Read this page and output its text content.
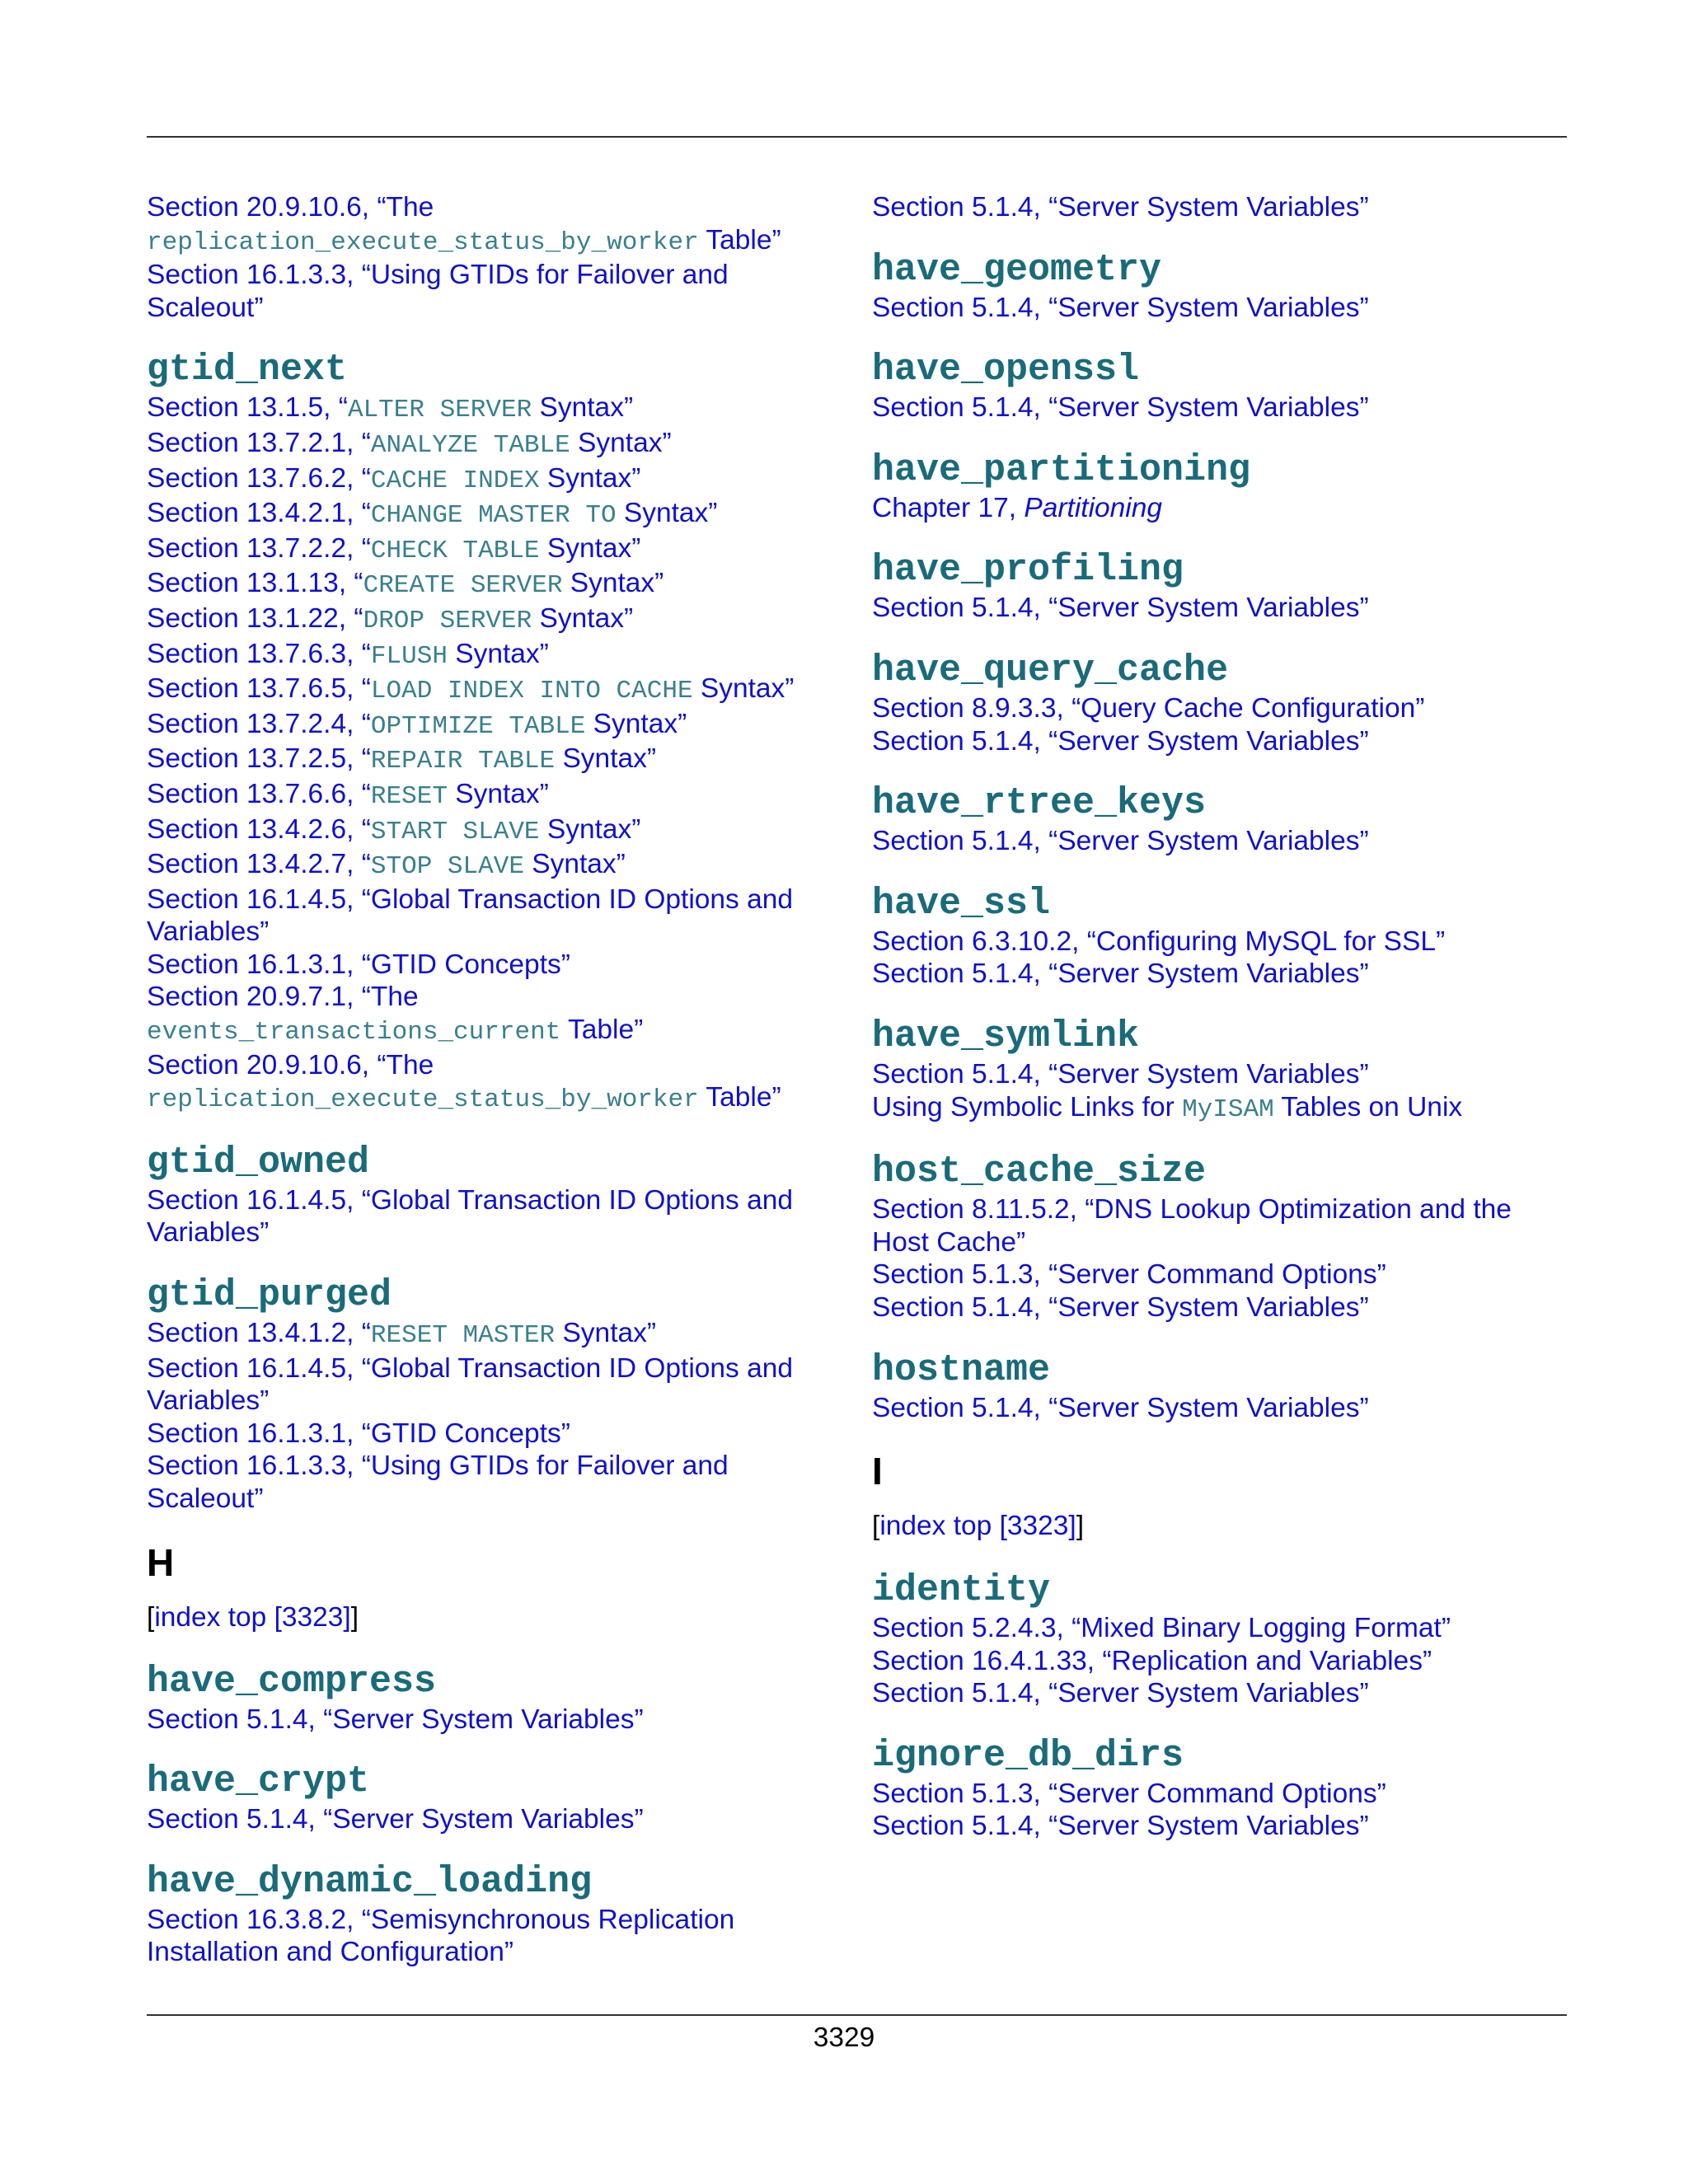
Section 20.9.10.6, “The
replication_execute_status_by_worker Table”
Section 16.1.3.3, “Using GTIDs for Failover and
Scaleout”
gtid_next
Section 13.1.5, “ALTER SERVER Syntax”
Section 13.7.2.1, “ANALYZE TABLE Syntax”
Section 13.7.6.2, “CACHE INDEX Syntax”
Section 13.4.2.1, “CHANGE MASTER TO Syntax”
Section 13.7.2.2, “CHECK TABLE Syntax”
Section 13.1.13, “CREATE SERVER Syntax”
Section 13.1.22, “DROP SERVER Syntax”
Section 13.7.6.3, “FLUSH Syntax”
Section 13.7.6.5, “LOAD INDEX INTO CACHE Syntax”
Section 13.7.2.4, “OPTIMIZE TABLE Syntax”
Section 13.7.2.5, “REPAIR TABLE Syntax”
Section 13.7.6.6, “RESET Syntax”
Section 13.4.2.6, “START SLAVE Syntax”
Section 13.4.2.7, “STOP SLAVE Syntax”
Section 16.1.4.5, “Global Transaction ID Options and
Variables”
Section 16.1.3.1, “GTID Concepts”
Section 20.9.7.1, “The
events_transactions_current Table”
Section 20.9.10.6, “The
replication_execute_status_by_worker Table”
gtid_owned
Section 16.1.4.5, “Global Transaction ID Options and
Variables”
gtid_purged
Section 13.4.1.2, “RESET MASTER Syntax”
Section 16.1.4.5, “Global Transaction ID Options and
Variables”
Section 16.1.3.1, “GTID Concepts”
Section 16.1.3.3, “Using GTIDs for Failover and
Scaleout”
H
[index top [3323]]
have_compress
Section 5.1.4, “Server System Variables”
have_crypt
Section 5.1.4, “Server System Variables”
have_dynamic_loading
Section 16.3.8.2, “Semisynchronous Replication
Installation and Configuration”
Section 5.1.4, “Server System Variables”
have_geometry
Section 5.1.4, “Server System Variables”
have_openssl
Section 5.1.4, “Server System Variables”
have_partitioning
Chapter 17, Partitioning
have_profiling
Section 5.1.4, “Server System Variables”
have_query_cache
Section 8.9.3.3, “Query Cache Configuration”
Section 5.1.4, “Server System Variables”
have_rtree_keys
Section 5.1.4, “Server System Variables”
have_ssl
Section 6.3.10.2, “Configuring MySQL for SSL”
Section 5.1.4, “Server System Variables”
have_symlink
Section 5.1.4, “Server System Variables”
Using Symbolic Links for MyISAM Tables on Unix
host_cache_size
Section 8.11.5.2, “DNS Lookup Optimization and the
Host Cache”
Section 5.1.3, “Server Command Options”
Section 5.1.4, “Server System Variables”
hostname
Section 5.1.4, “Server System Variables”
I
[index top [3323]]
identity
Section 5.2.4.3, “Mixed Binary Logging Format”
Section 16.4.1.33, “Replication and Variables”
Section 5.1.4, “Server System Variables”
ignore_db_dirs
Section 5.1.3, “Server Command Options”
Section 5.1.4, “Server System Variables”
3329
